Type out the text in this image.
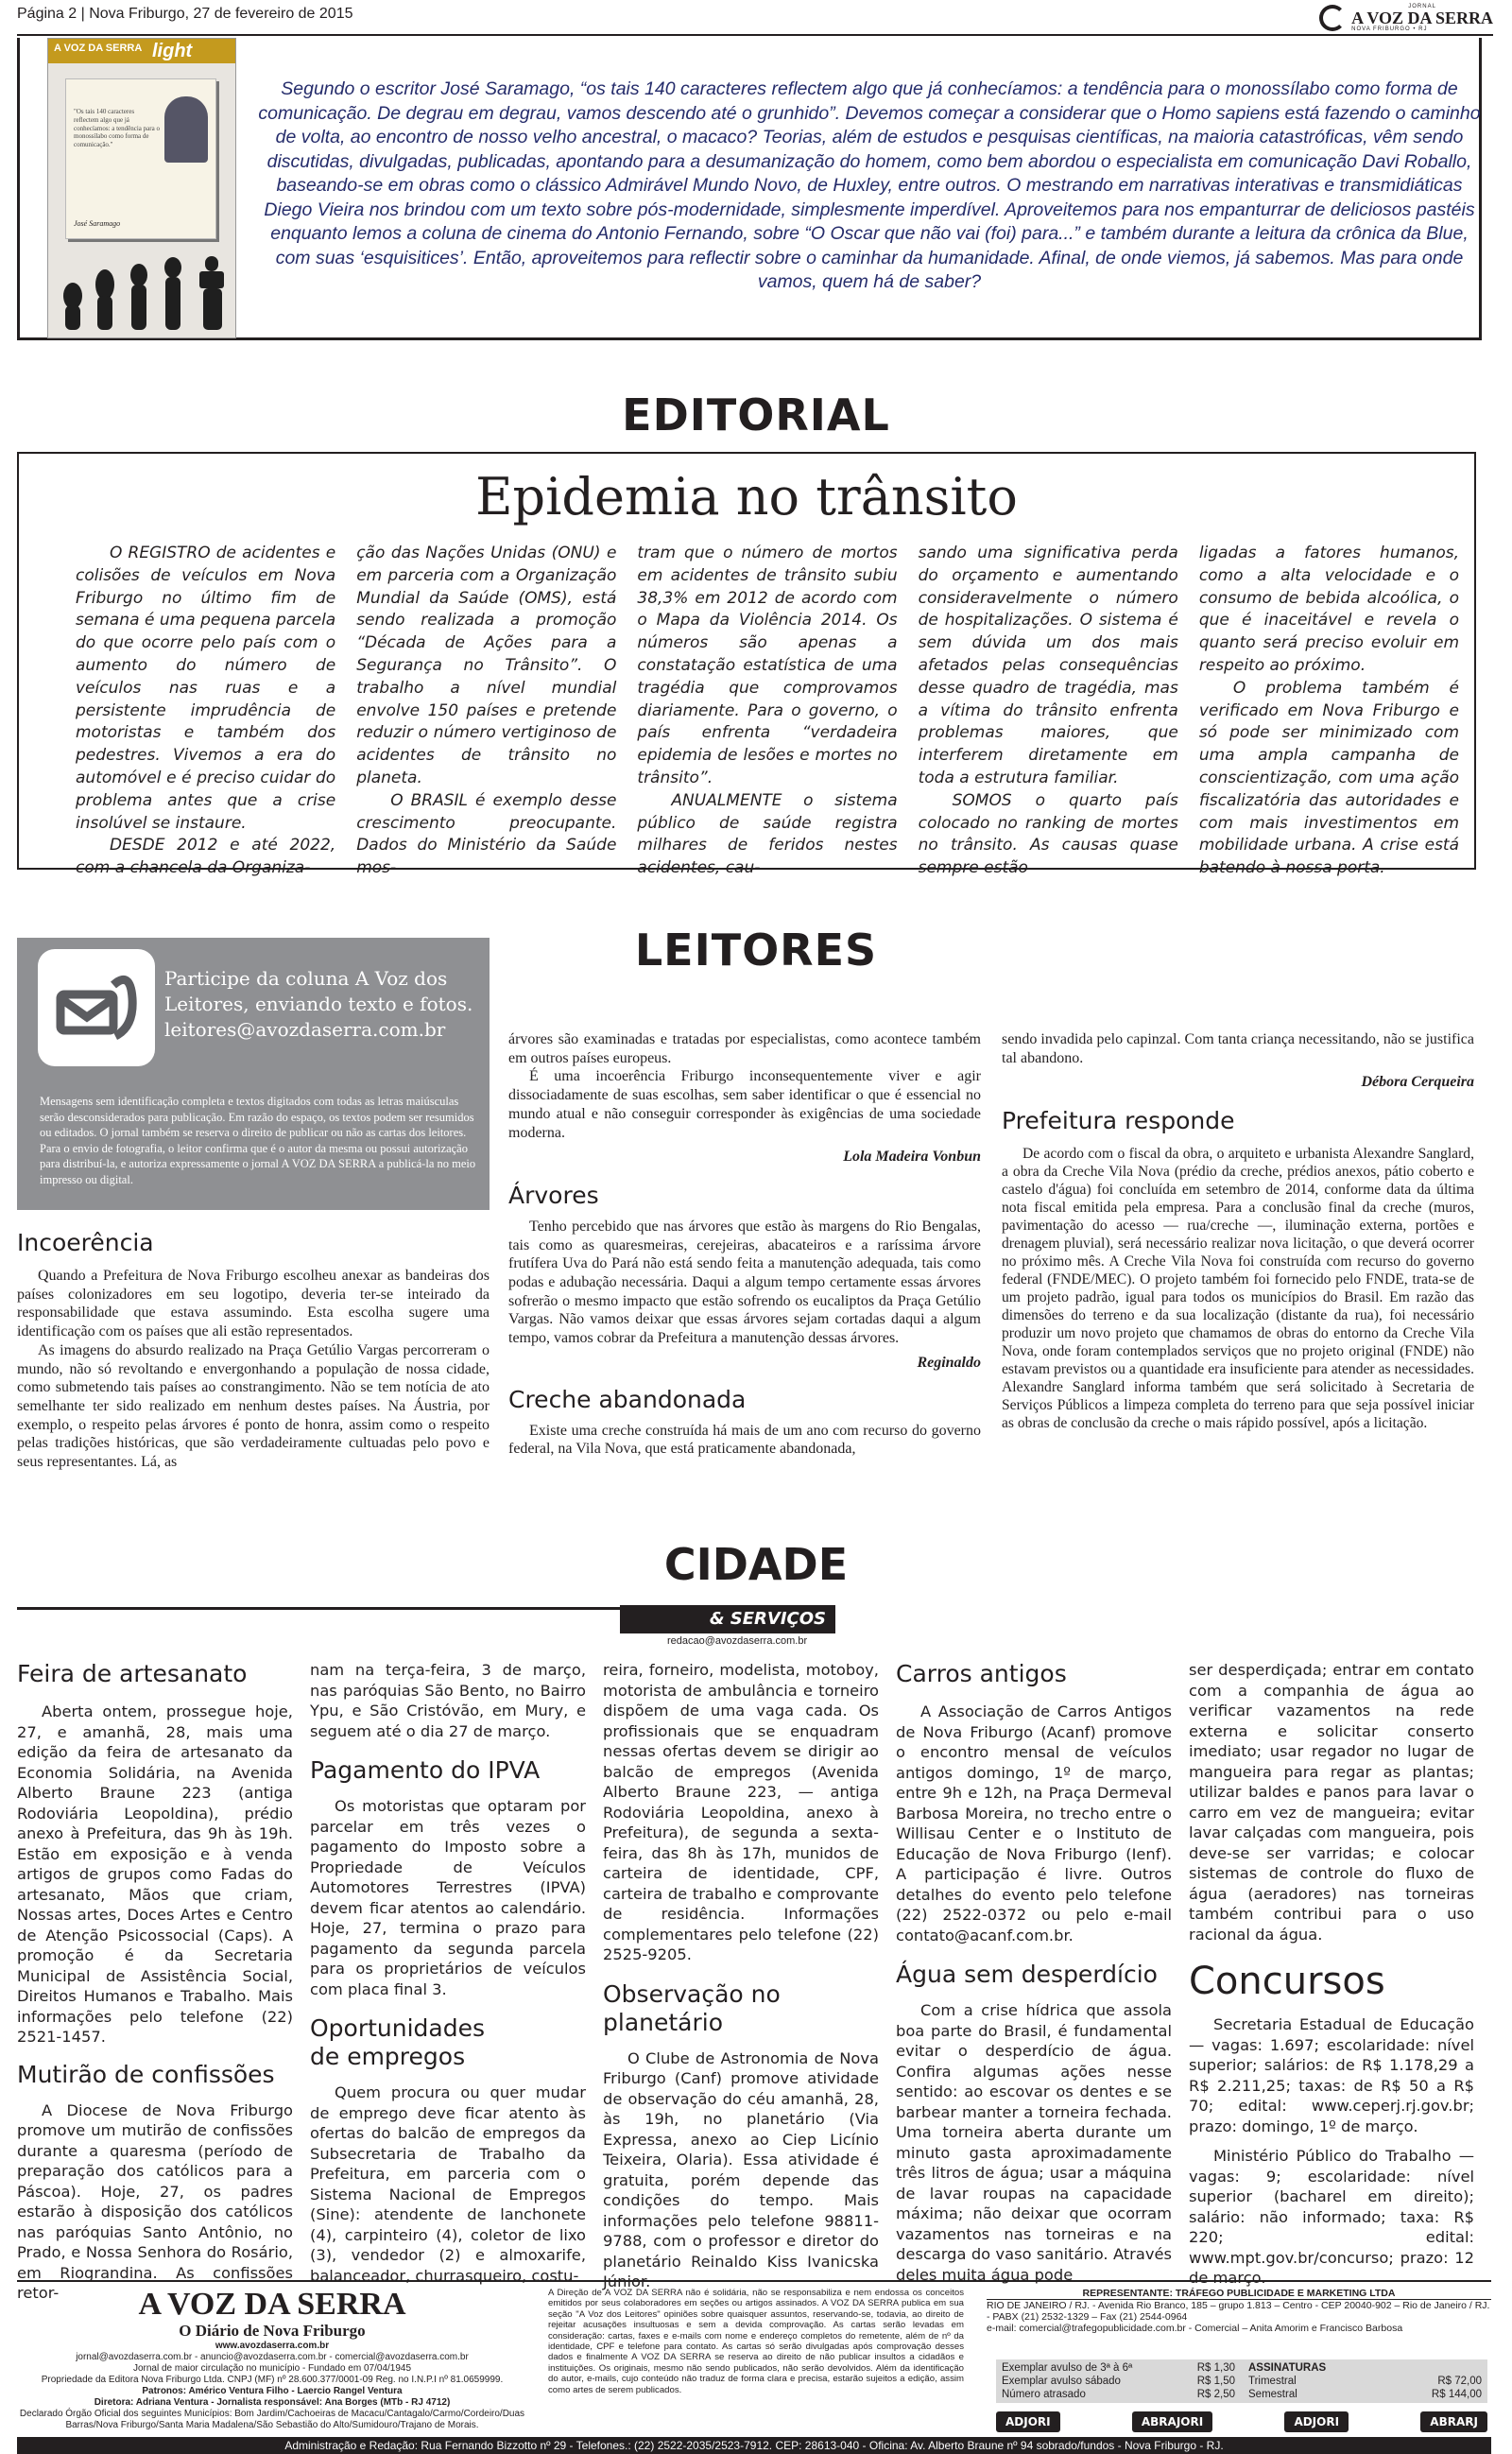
Página 2 | Nova Friburgo, 27 de fevereiro de 2015	JORNAL
A VOZ DA SERRA
NOVA FRIBURGO • RJ
A VOZ DA SERRA light
"Os tais 140 caracteres reflectem algo que já conhecíamos: a tendência para o monossílabo como forma de comunicação."
José Saramago

Segundo o escritor José Saramago, “os tais 140 caracteres reflectem algo que já conhecíamos: a tendência para o monossílabo como forma de comunicação. De degrau em degrau, vamos descendo até o grunhido”. Devemos começar a considerar que o Homo sapiens está fazendo o caminho de volta, ao encontro de nosso velho ancestral, o macaco? Teorias, além de estudos e pesquisas científicas, na maioria catastróficas, vêm sendo discutidas, divulgadas, publicadas, apontando para a desumanização do homem, como bem abordou o especialista em comunicação Davi Roballo, baseando-se em obras como o clássico Admirável Mundo Novo, de Huxley, entre outros. O mestrando em narrativas interativas e transmidiáticas Diego Vieira nos brindou com um texto sobre pós-modernidade, simplesmente imperdível. Aproveitemos para nos empanturrar de deliciosos pastéis enquanto lemos a coluna de cinema do Antonio Fernando, sobre “O Oscar que não vai (foi) para...” e também durante a leitura da crônica da Blue, com suas ‘esquisitices’. Então, aproveitemos para reflectir sobre o caminhar da humanidade. Afinal, de onde viemos, já sabemos. Mas para onde vamos, quem há de saber?

EDITORIAL
Epidemia no trânsito

O REGISTRO de acidentes e colisões de veículos em Nova Friburgo no último fim de semana é uma pequena parcela do que ocorre pelo país com o aumento do número de veículos nas ruas e a persistente imprudência de motoristas e também dos pedestres. Vivemos a era do automóvel e é preciso cuidar do problema antes que a crise insolúvel se instaure.

DESDE 2012 e até 2022, com a chancela da Organiza-

ção das Nações Unidas (ONU) e em parceria com a Organização Mundial da Saúde (OMS), está sendo realizada a promoção “Década de Ações para a Segurança no Trânsito”. O trabalho a nível mundial envolve 150 países e pretende reduzir o número vertiginoso de acidentes de trânsito no planeta.

O BRASIL é exemplo desse crescimento preocupante. Dados do Ministério da Saúde mos-

tram que o número de mortos em acidentes de trânsito subiu 38,3% em 2012 de acordo com o Mapa da Violência 2014. Os números são apenas a constatação estatística de uma tragédia que comprovamos diariamente. Para o governo, o país enfrenta “verdadeira epidemia de lesões e mortes no trânsito”.

ANUALMENTE o sistema público de saúde registra milhares de feridos nestes acidentes, cau-

sando uma significativa perda do orçamento e aumentando consideravelmente o número de hospitalizações. O sistema é sem dúvida um dos mais afetados pelas consequências desse quadro de tragédia, mas a vítima do trânsito enfrenta problemas maiores, que interferem diretamente em toda a estrutura familiar.

SOMOS o quarto país colocado no ranking de mortes no trânsito. As causas quase sempre estão

ligadas a fatores humanos, como a alta velocidade e o consumo de bebida alcoólica, o que é inaceitável e revela o quanto será preciso evoluir em respeito ao próximo.

O problema também é verificado em Nova Friburgo e só pode ser minimizado com uma ampla campanha de conscientização, com uma ação fiscalizatória das autoridades e com mais investimentos em mobilidade urbana. A crise está batendo à nossa porta.

LEITORES
Participe da coluna A Voz dos Leitores, enviando texto e fotos.
leitores@avozdaserra.com.br
Mensagens sem identificação completa e textos digitados com todas as letras maiúsculas serão desconsiderados para publicação. Em razão do espaço, os textos podem ser resumidos ou editados. O jornal também se reserva o direito de publicar ou não as cartas dos leitores. Para o envio de fotografia, o leitor confirma que é o autor da mesma ou possui autorização para distribuí-la, e autoriza expressamente o jornal A VOZ DA SERRA a publicá-la no meio impresso ou digital.
Incoerência

Quando a Prefeitura de Nova Friburgo escolheu anexar as bandeiras dos países colonizadores em seu logotipo, deveria ter-se inteirado da responsabilidade que estava assumindo. Esta escolha sugere uma identificação com os países que ali estão representados.

As imagens do absurdo realizado na Praça Getúlio Vargas percorreram o mundo, não só revoltando e envergonhando a população de nossa cidade, como submetendo tais países ao constrangimento. Não se tem notícia de ato semelhante ter sido realizado em nenhum destes países. Na Áustria, por exemplo, o respeito pelas árvores é ponto de honra, assim como o respeito pelas tradições históricas, que são verdadeiramente cultuadas pelo povo e seus representantes. Lá, as

árvores são examinadas e tratadas por especialistas, como acontece também em outros países europeus.

É uma incoerência Friburgo inconsequentemente viver e agir dissociadamente de suas escolhas, sem saber identificar o que é essencial no mundo atual e não conseguir corresponder às exigências de uma sociedade moderna.

Lola Madeira Vonbun

Árvores

Tenho percebido que nas árvores que estão às margens do Rio Bengalas, tais como as quaresmeiras, cerejeiras, abacateiros e a raríssima árvore frutífera Uva do Pará não está sendo feita a manutenção adequada, tais como podas e adubação necessária. Daqui a algum tempo certamente essas árvores sofrerão o mesmo impacto que estão sofrendo os eucaliptos da Praça Getúlio Vargas. Não vamos deixar que essas árvores sejam cortadas daqui a algum tempo, vamos cobrar da Prefeitura a manutenção dessas árvores.

Reginaldo

Creche abandonada

Existe uma creche construída há mais de um ano com recurso do governo federal, na Vila Nova, que está praticamente abandonada,

sendo invadida pelo capinzal. Com tanta criança necessitando, não se justifica tal abandono.

Débora Cerqueira

Prefeitura responde

De acordo com o fiscal da obra, o arquiteto e urbanista Alexandre Sanglard, a obra da Creche Vila Nova (prédio da creche, prédios anexos, pátio coberto e castelo d'água) foi concluída em setembro de 2014, conforme data da última nota fiscal emitida pela empresa. Para a conclusão final da creche (muros, pavimentação do acesso — rua/creche —, iluminação externa, portões e drenagem pluvial), será necessário realizar nova licitação, o que deverá ocorrer no próximo mês. A Creche Vila Nova foi construída com recurso do governo federal (FNDE/MEC). O projeto também foi fornecido pelo FNDE, trata-se de um projeto padrão, igual para todos os municípios do Brasil. Em razão das dimensões do terreno e da sua localização (distante da rua), foi necessário produzir um novo projeto que chamamos de obras do entorno da Creche Vila Nova, onde foram contemplados serviços que no projeto original (FNDE) não estavam previstos ou a quantidade era insuficiente para atender as necessidades. Alexandre Sanglard informa também que será solicitado à Secretaria de Serviços Públicos a limpeza completa do terreno para que seja possível iniciar as obras de conclusão da creche o mais rápido possível, após a licitação.

CIDADE
& SERVIÇOS
redacao@avozdaserra.com.br
Feira de artesanato

Aberta ontem, prossegue hoje, 27, e amanhã, 28, mais uma edição da feira de artesanato da Economia Solidária, na Avenida Alberto Braune 223 (antiga Rodoviária Leopoldina), prédio anexo à Prefeitura, das 9h às 19h. Estão em exposição e à venda artigos de grupos como Fadas do artesanato, Mãos que criam, Nossas artes, Doces Artes e Centro de Atenção Psicossocial (Caps). A promoção é da Secretaria Municipal de Assistência Social, Direitos Humanos e Trabalho. Mais informações pelo telefone (22) 2521-1457.

Mutirão de confissões

A Diocese de Nova Friburgo promove um mutirão de confissões durante a quaresma (período de preparação dos católicos para a Páscoa). Hoje, 27, os padres estarão à disposição dos católicos nas paróquias Santo Antônio, no Prado, e Nossa Senhora do Rosário, em Riograndina. As confissões retor-

nam na terça-feira, 3 de março, nas paróquias São Bento, no Bairro Ypu, e São Cristóvão, em Mury, e seguem até o dia 27 de março.

Pagamento do IPVA

Os motoristas que optaram por parcelar em três vezes o pagamento do Imposto sobre a Propriedade de Veículos Automotores Terrestres (IPVA) devem ficar atentos ao calendário. Hoje, 27, termina o prazo para pagamento da segunda parcela para os proprietários de veículos com placa final 3.

Oportunidades de empregos

Quem procura ou quer mudar de emprego deve ficar atento às ofertas do balcão de empregos da Subsecretaria de Trabalho da Prefeitura, em parceria com o Sistema Nacional de Empregos (Sine): atendente de lanchonete (4), carpinteiro (4), coletor de lixo (3), vendedor (2) e almoxarife, balanceador, churrasqueiro, costu-

reira, forneiro, modelista, motoboy, motorista de ambulância e torneiro dispõem de uma vaga cada. Os profissionais que se enquadram nessas ofertas devem se dirigir ao balcão de empregos (Avenida Alberto Braune 223, — antiga Rodoviária Leopoldina, anexo à Prefeitura), de segunda a sexta-feira, das 8h às 17h, munidos de carteira de identidade, CPF, carteira de trabalho e comprovante de residência. Informações complementares pelo telefone (22) 2525-9205.

Observação no planetário

O Clube de Astronomia de Nova Friburgo (Canf) promove atividade de observação do céu amanhã, 28, às 19h, no planetário (Via Expressa, anexo ao Ciep Licínio Teixeira, Olaria). Essa atividade é gratuita, porém depende das condições do tempo. Mais informações pelo telefone 98811-9788, com o professor e diretor do planetário Reinaldo Kiss Ivanicska Júnior.

Carros antigos

A Associação de Carros Antigos de Nova Friburgo (Acanf) promove o encontro mensal de veículos antigos domingo, 1º de março, entre 9h e 12h, na Praça Dermeval Barbosa Moreira, no trecho entre o Willisau Center e o Instituto de Educação de Nova Friburgo (Ienf). A participação é livre. Outros detalhes do evento pelo telefone (22) 2522-0372 ou pelo e-mail contato@acanf.com.br.

Água sem desperdício

Com a crise hídrica que assola boa parte do Brasil, é fundamental evitar o desperdício de água. Confira algumas ações nesse sentido: ao escovar os dentes e se barbear manter a torneira fechada. Uma torneira aberta durante um minuto gasta aproximadamente três litros de água; usar a máquina de lavar roupas na capacidade máxima; não deixar que ocorram vazamentos nas torneiras e na descarga do vaso sanitário. Através deles muita água pode

ser desperdiçada; entrar em contato com a companhia de água ao verificar vazamentos na rede externa e solicitar conserto imediato; usar regador no lugar de mangueira para regar as plantas; utilizar baldes e panos para lavar o carro em vez de mangueira; evitar lavar calçadas com mangueira, pois deve-se ser varridas; e colocar sistemas de controle do fluxo de água (aeradores) nas torneiras também contribui para o uso racional da água.

Concursos

Secretaria Estadual de Educação — vagas: 1.697; escolaridade: nível superior; salários: de R$ 1.178,29 a R$ 2.211,25; taxas: de R$ 50 a R$ 70; edital: www.ceperj.rj.gov.br; prazo: domingo, 1º de março.

Ministério Público do Trabalho — vagas: 9; escolaridade: nível superior (bacharel em direito); salário: não informado; taxa: R$ 220; edital: www.mpt.gov.br/concurso; prazo: 12 de março.

A VOZ DA SERRA
O Diário de Nova Friburgo
www.avozdaserra.com.br
jornal@avozdaserra.com.br - anuncio@avozdaserra.com.br - comercial@avozdaserra.com.br
Jornal de maior circulação no município - Fundado em 07/04/1945
Propriedade da Editora Nova Friburgo Ltda. CNPJ (MF) nº 28.600.377/0001-09 Reg. no I.N.P.I nº 81.0659999.
Patronos: Américo Ventura Filho - Laercio Rangel Ventura
Diretora: Adriana Ventura - Jornalista responsável: Ana Borges (MTb - RJ 4712)
Declarado Órgão Oficial dos seguintes Municípios: Bom Jardim/Cachoeiras de Macacu/Cantagalo/Carmo/Cordeiro/Duas Barras/Nova Friburgo/Santa Maria Madalena/São Sebastião do Alto/Sumidouro/Trajano de Morais.
A Direção de A VOZ DA SERRA não é solidária, não se responsabiliza e nem endossa os conceitos emitidos por seus colaboradores em seções ou artigos assinados. A VOZ DA SERRA publica em sua seção "A Voz dos Leitores" opiniões sobre quaisquer assuntos, reservando-se, todavia, ao direito de rejeitar acusações insultuosas e sem a devida comprovação. As cartas serão levadas em consideração: cartas, faxes e e-mails com nome e endereço completos do remetente, além de nº da identidade, CPF e telefone para contato. As cartas só serão divulgadas após comprovação desses dados e finalmente A VOZ DA SERRA se reserva ao direito de não publicar insultos a cidadãos e instituições. Os originais, mesmo não sendo publicados, não serão devolvidos. Além da identificação do autor, e-mails, cujo conteúdo não traduz de forma clara e precisa, estarão sujeitos a edição, assim como artes de serem publicados.
REPRESENTANTE: TRÁFEGO PUBLICIDADE E MARKETING LTDA
RIO DE JANEIRO / RJ. - Avenida Rio Branco, 185 – grupo 1.813 – Centro - CEP 20040-902 – Rio de Janeiro / RJ. - PABX (21) 2532-1329 – Fax (21) 2544-0964
e-mail: comercial@trafegopublicidade.com.br - Comercial – Anita Amorim e Francisco Barbosa
Exemplar avulso de 3ª à 6ª	R$ 1,30
Exemplar avulso sábado	R$ 1,50
Número atrasado	R$ 2,50
ASSINATURAS
Trimestral	R$ 72,00
Semestral	R$ 144,00
ADJORI	ABRAJORI	ADJORI	ABRARJ
Administração e Redação: Rua Fernando Bizzotto nº 29 - Telefones.: (22) 2522-2035/2523-7912. CEP: 28613-040 - Oficina: Av. Alberto Braune nº 94 sobrado/fundos - Nova Friburgo - RJ.
